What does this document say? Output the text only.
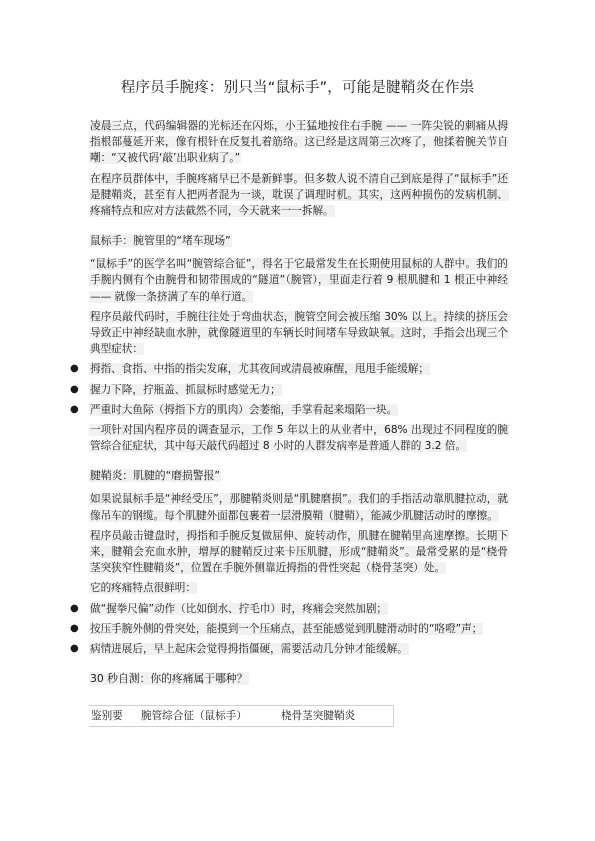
程序员手腕疼：别只当“鼠标手”，可能是腱鞘炎在作祟

凌晨三点，代码编辑器的光标还在闪烁，小王猛地按住右手腕 —— 一阵尖锐的刺痛从拇指根部蔓延开来，像有根针在反复扎着筋络。这已经是这周第三次疼了，他揉着腕关节自嘲：“又被代码‘敲’出职业病了。”

在程序员群体中，手腕疼痛早已不是新鲜事。但多数人说不清自己到底是得了“鼠标手”还是腱鞘炎，甚至有人把两者混为一谈，耽误了调理时机。其实，这两种损伤的发病机制、疼痛特点和应对方法截然不同，今天就来一一拆解。

鼠标手：腕管里的“堵车现场”

“鼠标手”的医学名叫“腕管综合征”，得名于它最常发生在长期使用鼠标的人群中。我们的手腕内侧有个由腕骨和韧带围成的“隧道”（腕管），里面走行着 9 根肌腱和 1 根正中神经 —— 就像一条挤满了车的单行道。

程序员敲代码时，手腕往往处于弯曲状态，腕管空间会被压缩 30% 以上。持续的挤压会导致正中神经缺血水肿，就像隧道里的车辆长时间堵车导致缺氧。这时，手指会出现三个典型症状：

● 拇指、食指、中指的指尖发麻，尤其夜间或清晨被麻醒，甩甩手能缓解；
● 握力下降，拧瓶盖、抓鼠标时感觉无力；
● 严重时大鱼际（拇指下方的肌肉）会萎缩，手掌看起来塌陷一块。

一项针对国内程序员的调查显示，工作 5 年以上的从业者中，68% 出现过不同程度的腕管综合征症状，其中每天敲代码超过 8 小时的人群发病率是普通人群的 3.2 倍。

腱鞘炎：肌腱的“磨损警报”

如果说鼠标手是“神经受压”，那腱鞘炎则是“肌腱磨损”。我们的手指活动靠肌腱拉动，就像吊车的钢缆。每个肌腱外面都包裹着一层滑膜鞘（腱鞘），能减少肌腱活动时的摩擦。

程序员敲击键盘时，拇指和手腕反复做屈伸、旋转动作，肌腱在腱鞘里高速摩擦。长期下来，腱鞘会充血水肿，增厚的腱鞘反过来卡压肌腱，形成“腱鞘炎”。最常受累的是“桡骨茎突狭窄性腱鞘炎”，位置在手腕外侧靠近拇指的骨性突起（桡骨茎突）处。

它的疼痛特点很鲜明：

● 做“握拳尺偏”动作（比如倒水、拧毛巾）时，疼痛会突然加剧；
● 按压手腕外侧的骨突处，能摸到一个压痛点，甚至能感觉到肌腱滑动时的“咯噔”声；
● 病情进展后，早上起床会觉得拇指僵硬，需要活动几分钟才能缓解。
30 秒自测：你的疼痛属于哪种？
鉴别要	腕管综合征（鼠标手）	桡骨茎突腱鞘炎
